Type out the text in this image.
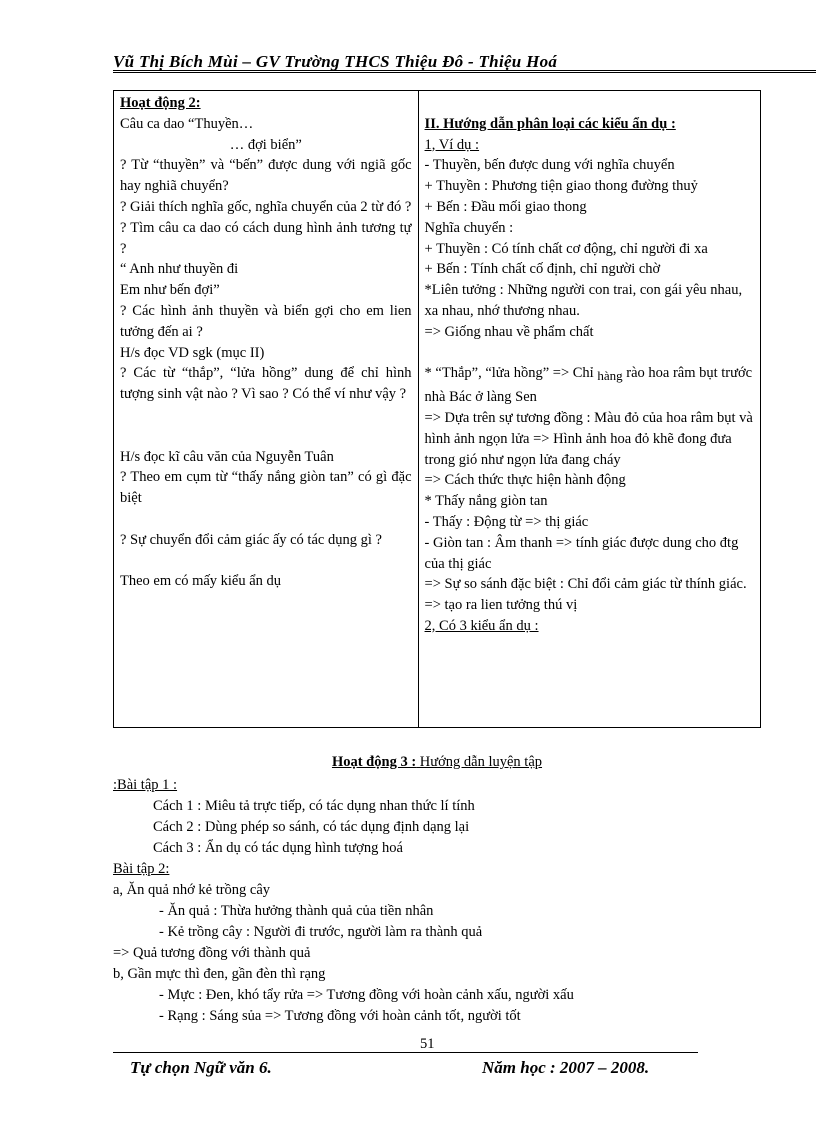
Vũ Thị Bích Mùi – GV Trường THCS Thiệu Đô - Thiệu Hoá
Hoạt động 2:
Câu ca dao “Thuyền…
… đợi biển”
? Từ “thuyền” và “bến” được dung với ngiã gốc hay nghiã chuyển?
? Giải thích nghĩa gốc, nghĩa chuyển của 2 từ đó ?
? Tìm câu ca dao có cách dung hình ảnh tương tự ?
“ Anh như thuyền đi
Em như bến đợi”
? Các hình ảnh thuyền và biển gợi cho em lien tưởng đến ai ?
H/s đọc VD sgk (mục II)
? Các từ “thắp”, “lửa hồng” dung để chỉ hình tượng sinh vật nào ? Vì sao ? Có thể ví như vậy ?
H/s đọc kĩ câu văn của Nguyễn Tuân
? Theo em cụm từ “thấy nắng giòn tan” có gì đặc biệt
? Sự chuyển đổi cảm giác ấy có tác dụng gì ?
Theo em có mấy kiểu ẩn dụ

II. Hướng dẫn phân loại các kiểu ẩn dụ :
1, Ví dụ :
- Thuyền, bến được dung với nghĩa chuyển
+ Thuyền : Phương tiện giao thong đường thuỷ
+ Bến : Đầu mối giao thong
Nghĩa chuyển :
+ Thuyền : Có tính chất cơ động, chỉ người đi xa
+ Bến : Tính chất cố định, chỉ người chờ
*Liên tưởng : Những người con trai, con gái yêu nhau, xa nhau, nhớ thương nhau.
=> Giống nhau về phẩm chất
* “Thắp”, “lửa hồng” => Chỉ hàng rào hoa râm bụt trước nhà Bác ở làng Sen
=> Dựa trên sự tương đồng : Màu đỏ của hoa râm bụt và hình ảnh ngọn lửa => Hình ảnh hoa đỏ khẽ đong đưa trong gió như ngọn lửa đang cháy
=> Cách thức thực hiện hành động
* Thấy nắng giòn tan
- Thấy : Động từ => thị giác
- Giòn tan : Âm thanh => tính giác được dung cho đtg của thị giác
=> Sự so sánh đặc biệt : Chỉ đổi cảm giác từ thính giác.
=> tạo ra lien tưởng thú vị
2, Có 3 kiểu ẩn dụ :
Hoạt động 3 : Hướng dẫn luyện tập
:Bài tập 1 :
Cách 1 : Miêu tả trực tiếp, có tác dụng nhan thức lí tính
Cách 2 : Dùng phép so sánh, có tác dụng định dạng lại
Cách 3 : Ẩn dụ có tác dụng hình tượng hoá
Bài tập 2:
a, Ăn quả nhớ kẻ trồng cây
- Ăn quả : Thừa hưởng thành quả của tiền nhân
- Kẻ trồng cây : Người đi trước, người làm ra thành quả
=> Quả tương đồng với thành quả
b, Gần mực thì đen, gần đèn thì rạng
- Mực : Đen, khó tẩy rửa => Tương đồng với hoàn cảnh xấu, người xấu
- Rạng : Sáng sủa => Tương đồng với hoàn cảnh tốt, người tốt
51
Tự chọn Ngữ văn 6.	Năm học : 2007 – 2008.
